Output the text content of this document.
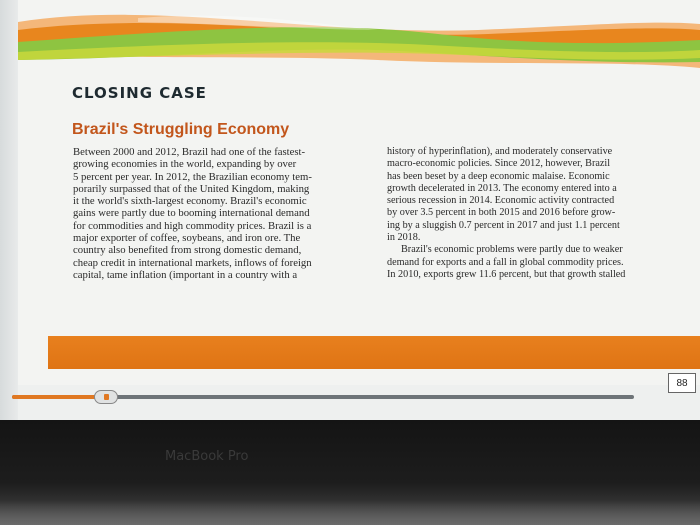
CLOSING CASE
Brazil's Struggling Economy
Between 2000 and 2012, Brazil had one of the fastest-
growing economies in the world, expanding by over
5 percent per year. In 2012, the Brazilian economy tem-
porarily surpassed that of the United Kingdom, making
it the world's sixth-largest economy. Brazil's economic
gains were partly due to booming international demand
for commodities and high commodity prices. Brazil is a
major exporter of coffee, soybeans, and iron ore. The
country also benefited from strong domestic demand,
cheap credit in international markets, inflows of foreign
capital, tame inflation (important in a country with a
history of hyperinflation), and moderately conservative
macro-economic policies. Since 2012, however, Brazil
has been beset by a deep economic malaise. Economic
growth decelerated in 2013. The economy entered into a
serious recession in 2014. Economic activity contracted
by over 3.5 percent in both 2015 and 2016 before grow-
ing by a sluggish 0.7 percent in 2017 and just 1.1 percent
in 2018.
Brazil's economic problems were partly due to weaker
demand for exports and a fall in global commodity prices.
In 2010, exports grew 11.6 percent, but that growth stalled
88
MacBook Pro
